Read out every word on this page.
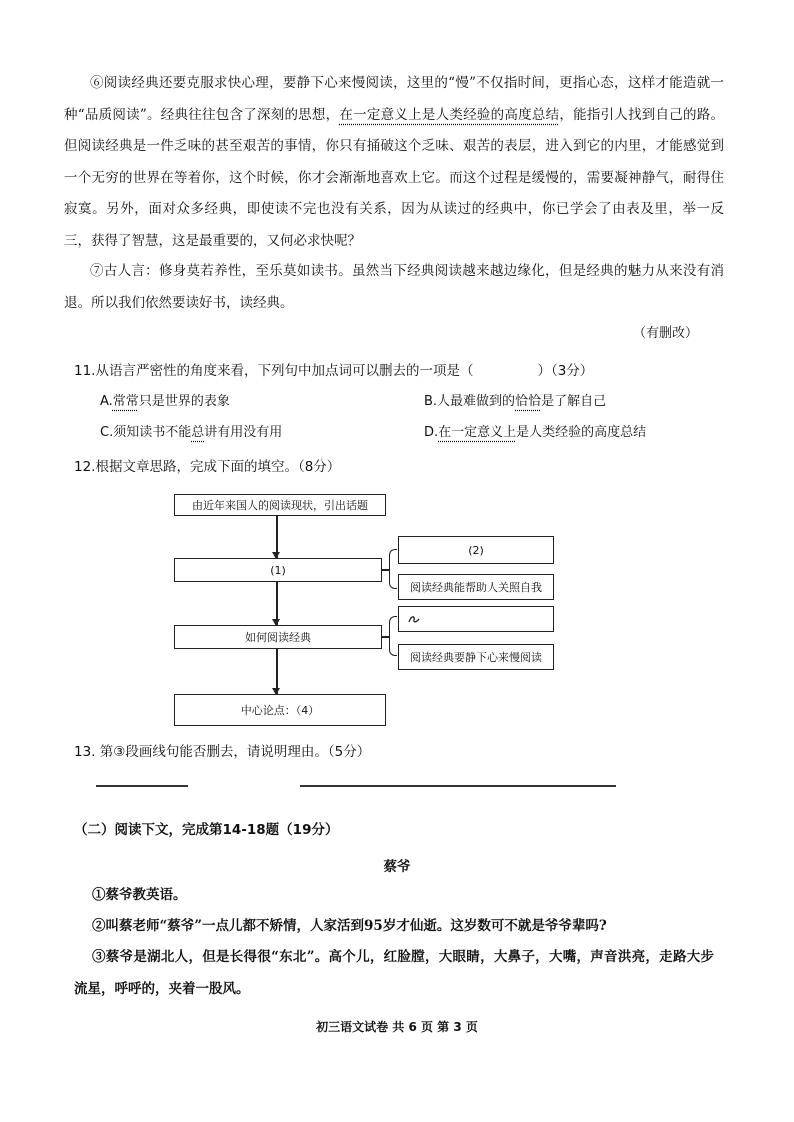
⑥阅读经典还要克服求快心理，要静下心来慢阅读，这里的“慢”不仅指时间，更指心态，这样才能造就一种“品质阅读”。经典往往包含了深刻的思想，在一定意义上是人类经验的高度总结，能指引人找到自己的路。但阅读经典是一件乏味的甚至艰苦的事情，你只有捅破这个乏味、艰苦的表层，进入到它的内里，才能感觉到一个无穷的世界在等着你，这个时候，你才会渐渐地喜欢上它。而这个过程是缓慢的，需要凝神静气，耐得住寂寞。另外，面对众多经典，即使读不完也没有关系，因为从读过的经典中，你已学会了由表及里，举一反三，获得了智慧，这是最重要的，又何必求快呢？
⑦古人言：修身莫若养性，至乐莫如读书。虽然当下经典阅读越来越边缘化，但是经典的魅力从来没有消退。所以我们依然要读好书，读经典。
（有删改）
11.从语言严密性的角度来看，下列句中加点词可以删去的一项是（	）（3分）
A.常常只是世界的表象	B.人最难做到的恰恰是了解自己
C.须知读书不能总讲有用没有用	D.在一定意义上是人类经验的高度总结
12.根据文章思路，完成下面的填空。（8分）
由近年来国人的阅读现状，引出话题
(1)
如何阅读经典
中心论点：（4）
(2)
阅读经典能帮助人关照自我
阅读经典要静下心来慢阅读
13. 第③段画线句能否删去，请说明理由。（5分）
（二）阅读下文，完成第14-18题（19分）
蔡爷
①蔡爷教英语。
②叫蔡老师“蔡爷”一点儿都不矫情，人家活到95岁才仙逝。这岁数可不就是爷爷辈吗?
③蔡爷是湖北人，但是长得很“东北”。高个儿，红脸膛，大眼睛，大鼻子，大嘴，声音洪亮，走路大步流星，呼呼的，夹着一股风。
初三语文试卷 共 6 页 第 3 页
